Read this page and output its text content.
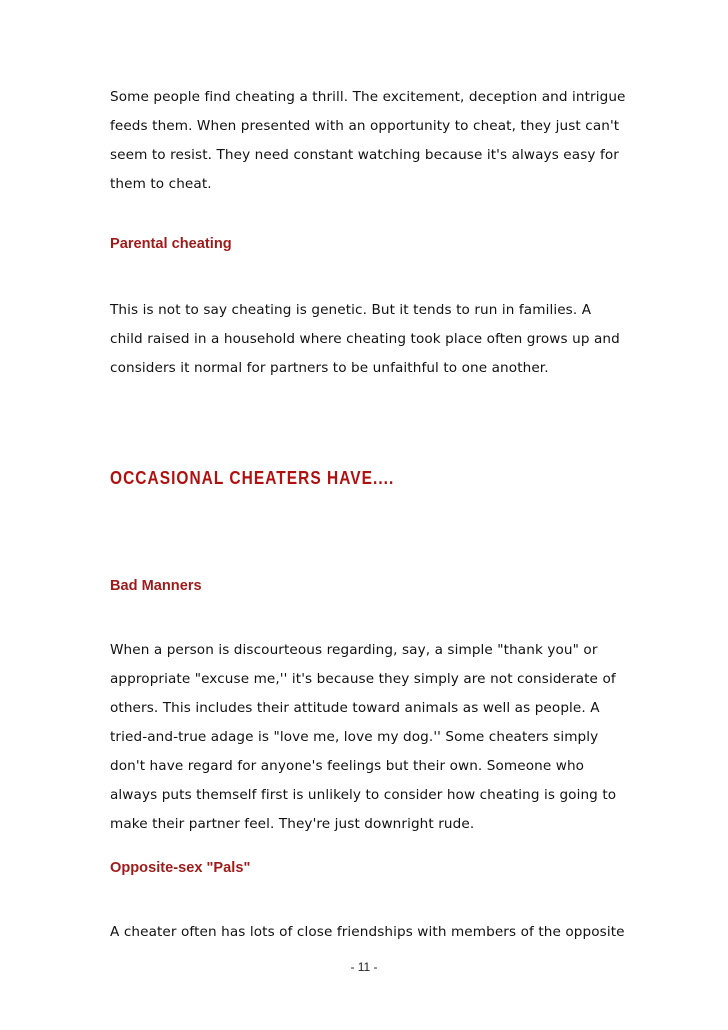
Some people find cheating a thrill. The excitement, deception and intrigue
feeds them. When presented with an opportunity to cheat, they just can't
seem to resist. They need constant watching because it's always easy for
them to cheat.

Parental cheating

This is not to say cheating is genetic. But it tends to run in families. A
child raised in a household where cheating took place often grows up and
considers it normal for partners to be unfaithful to one another.

OCCASIONAL CHEATERS HAVE....
Bad Manners

When a person is discourteous regarding, say, a simple "thank you" or
appropriate "excuse me,'' it's because they simply are not considerate of
others. This includes their attitude toward animals as well as people. A
tried-and-true adage is "love me, love my dog.'' Some cheaters simply
don't have regard for anyone's feelings but their own. Someone who
always puts themself first is unlikely to consider how cheating is going to
make their partner feel. They're just downright rude.

Opposite-sex "Pals"

A cheater often has lots of close friendships with members of the opposite

- 11 -
